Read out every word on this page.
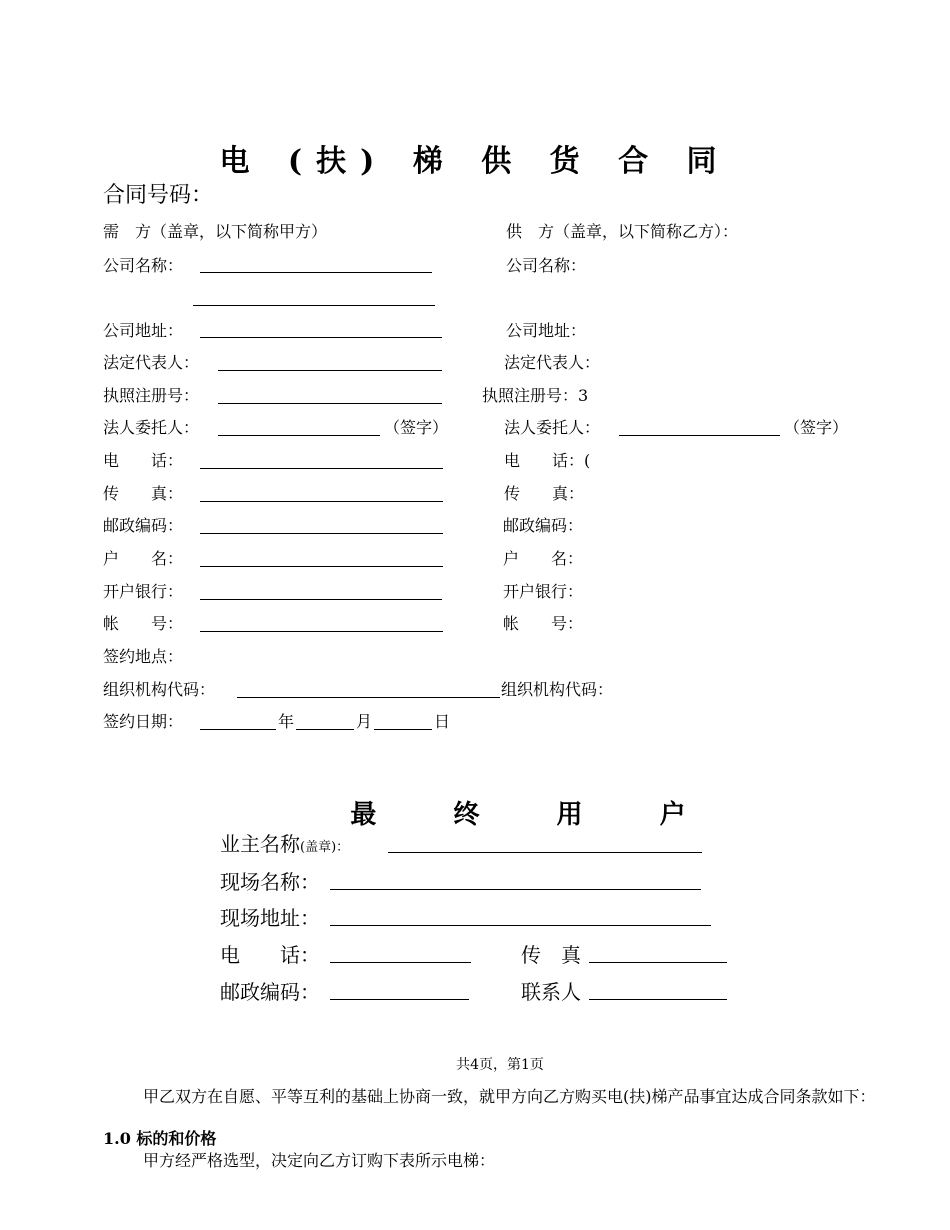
电 (扶) 梯 供 货 合 同
合同号码：
需　方（盖章，以下简称甲方）	供　方（盖章，以下简称乙方）：
公司名称：	公司名称：
公司地址：	公司地址：
法定代表人：	法定代表人：
执照注册号：	执照注册号：3
法人委托人：	（签字）	法人委托人：	（签字）
电　　话：	电　　话：(
传　　真：	传　　真：
邮政编码：	邮政编码：
户　　名：	户　　名：
开户银行：	开户银行：
帐　　号：	帐　　号：
签约地点：
组织机构代码：	组织机构代码：
签约日期：	年	月	日
最 终 用 户
业主名称(盖章)：
现场名称：
现场地址：
电　　话：	传　真
邮政编码：	联系人
共4页，第1页
甲乙双方在自愿、平等互利的基础上协商一致，就甲方向乙方购买电(扶)梯产品事宜达成合同条款如下：
1.0 标的和价格
甲方经严格选型，决定向乙方订购下表所示电梯：
